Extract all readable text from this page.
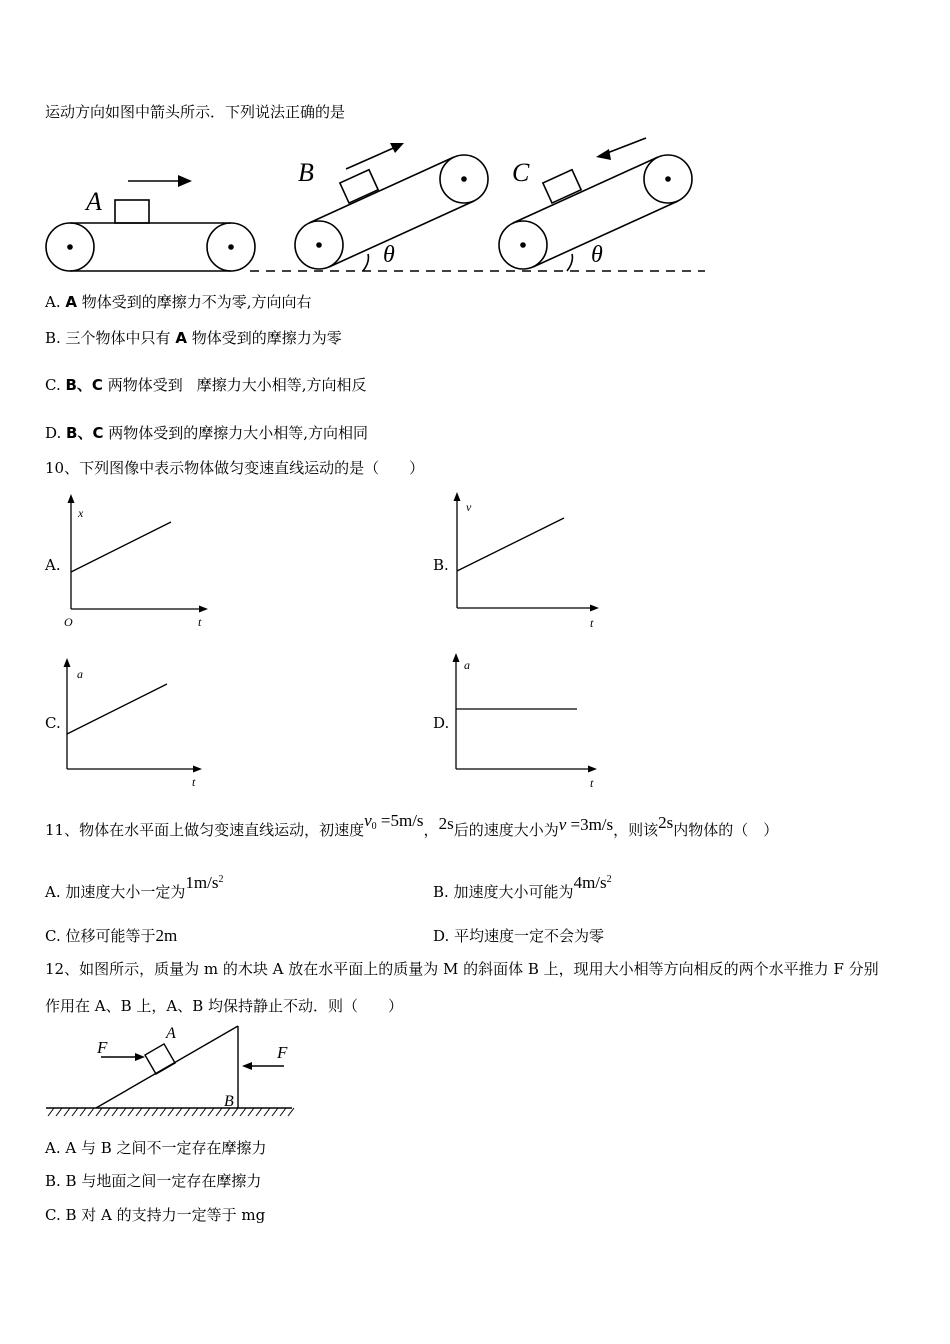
运动方向如图中箭头所示．下列说法正确的是
A
B	C
θ	θ
A. A 物体受到的摩擦力不为零,方向向右
B. 三个物体中只有 A 物体受到的摩擦力为零
C. B、C 两物体受到 摩擦力大小相等,方向相反
D. B、C 两物体受到的摩擦力大小相等,方向相同
10、下列图像中表示物体做匀变速直线运动的是（　　）
A.
x
t
O
B.
v
t
C.
a
t
D.
a
t
11、物体在水平面上做匀变速直线运动，初速度$v_0 =5m/s$，2s后的速度大小为v =3m/s，则该2s内物体的（　）
A. 加速度大小一定为$1m/s^2$
B. 加速度大小可能为$4m/s^2$
C. 位移可能等于2m	D. 平均速度一定不会为零
12、如图所示，质量为 m 的木块 A 放在水平面上的质量为 M 的斜面体 B 上，现用大小相等方向相反的两个水平推力 F 分别
作用在 A、B 上，A、B 均保持静止不动．则（　　）
F	F
A
B
A. A 与 B 之间不一定存在摩擦力
B. B 与地面之间一定存在摩擦力
C. B 对 A 的支持力一定等于 mg
